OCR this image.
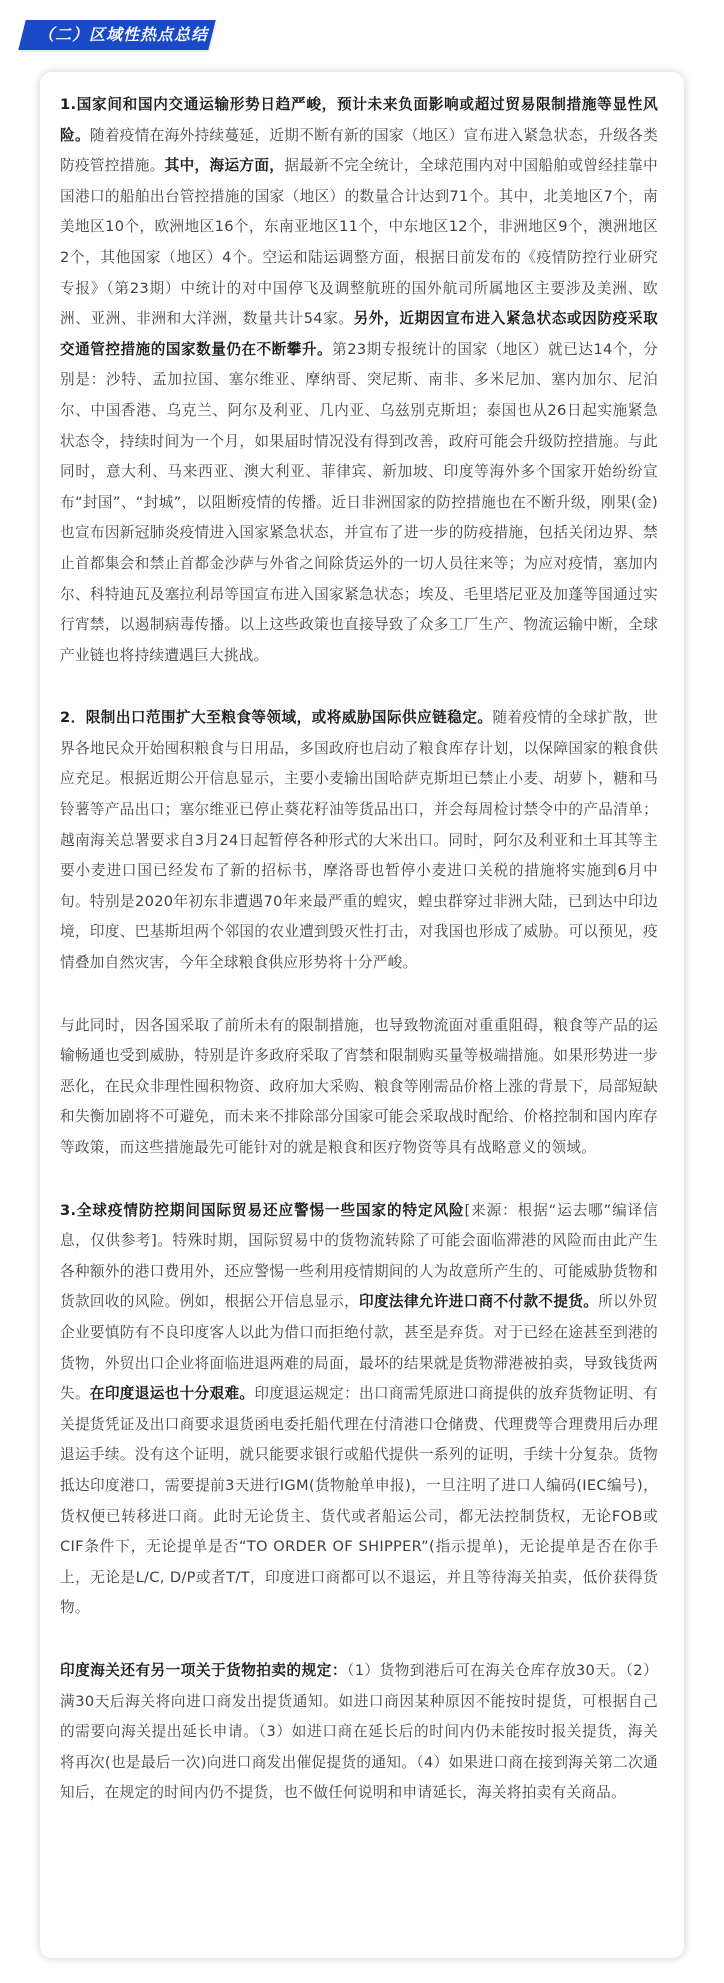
（二）区域性热点总结

1.国家间和国内交通运输形势日趋严峻，预计未来负面影响或超过贸易限制措施等显性风险。随着疫情在海外持续蔓延，近期不断有新的国家（地区）宣布进入紧急状态，升级各类防疫管控措施。其中，海运方面，据最新不完全统计，全球范围内对中国船舶或曾经挂靠中国港口的船舶出台管控措施的国家（地区）的数量合计达到71个。其中，北美地区7个，南美地区10个，欧洲地区16个，东南亚地区11个，中东地区12个，非洲地区9个，澳洲地区2个，其他国家（地区）4个。空运和陆运调整方面，根据日前发布的《疫情防控行业研究专报》（第23期）中统计的对中国停飞及调整航班的国外航司所属地区主要涉及美洲、欧洲、亚洲、非洲和大洋洲，数量共计54家。另外，近期因宣布进入紧急状态或因防疫采取交通管控措施的国家数量仍在不断攀升。第23期专报统计的国家（地区）就已达14个，分别是：沙特、孟加拉国、塞尔维亚、摩纳哥、突尼斯、南非、多米尼加、塞内加尔、尼泊尔、中国香港、乌克兰、阿尔及利亚、几内亚、乌兹别克斯坦；泰国也从26日起实施紧急状态令，持续时间为一个月，如果届时情况没有得到改善，政府可能会升级防控措施。与此同时，意大利、马来西亚、澳大利亚、菲律宾、新加坡、印度等海外多个国家开始纷纷宣布“封国”、“封城”，以阻断疫情的传播。近日非洲国家的防控措施也在不断升级，刚果(金)也宣布因新冠肺炎疫情进入国家紧急状态，并宣布了进一步的防疫措施，包括关闭边界、禁止首都集会和禁止首都金沙萨与外省之间除货运外的一切人员往来等；为应对疫情，塞加内尔、科特迪瓦及塞拉利昂等国宣布进入国家紧急状态；埃及、毛里塔尼亚及加蓬等国通过实行宵禁，以遏制病毒传播。以上这些政策也直接导致了众多工厂生产、物流运输中断，全球产业链也将持续遭遇巨大挑战。

2．限制出口范围扩大至粮食等领域，或将威胁国际供应链稳定。随着疫情的全球扩散，世界各地民众开始囤积粮食与日用品，多国政府也启动了粮食库存计划，以保障国家的粮食供应充足。根据近期公开信息显示，主要小麦输出国哈萨克斯坦已禁止小麦、胡萝卜，糖和马铃薯等产品出口；塞尔维亚已停止葵花籽油等货品出口，并会每周检讨禁令中的产品清单；越南海关总署要求自3月24日起暂停各种形式的大米出口。同时，阿尔及利亚和土耳其等主要小麦进口国已经发布了新的招标书，摩洛哥也暂停小麦进口关税的措施将实施到6月中旬。特别是2020年初东非遭遇70年来最严重的蝗灾，蝗虫群穿过非洲大陆，已到达中印边境，印度、巴基斯坦两个邻国的农业遭到毁灭性打击，对我国也形成了威胁。可以预见，疫情叠加自然灾害，今年全球粮食供应形势将十分严峻。

与此同时，因各国采取了前所未有的限制措施，也导致物流面对重重阻碍，粮食等产品的运输畅通也受到威胁，特别是许多政府采取了宵禁和限制购买量等极端措施。如果形势进一步恶化，在民众非理性囤积物资、政府加大采购、粮食等刚需品价格上涨的背景下，局部短缺和失衡加剧将不可避免，而未来不排除部分国家可能会采取战时配给、价格控制和国内库存等政策，而这些措施最先可能针对的就是粮食和医疗物资等具有战略意义的领域。

3.全球疫情防控期间国际贸易还应警惕一些国家的特定风险[来源：根据“运去哪”编译信息，仅供参考]。特殊时期，国际贸易中的货物流转除了可能会面临滞港的风险而由此产生各种额外的港口费用外，还应警惕一些利用疫情期间的人为故意所产生的、可能威胁货物和货款回收的风险。例如，根据公开信息显示，印度法律允许进口商不付款不提货。所以外贸企业要慎防有不良印度客人以此为借口而拒绝付款，甚至是弃货。对于已经在途甚至到港的货物，外贸出口企业将面临进退两难的局面，最坏的结果就是货物滞港被拍卖，导致钱货两失。在印度退运也十分艰难。印度退运规定：出口商需凭原进口商提供的放弃货物证明、有关提货凭证及出口商要求退货函电委托船代理在付清港口仓储费、代理费等合理费用后办理退运手续。没有这个证明，就只能要求银行或船代提供一系列的证明，手续十分复杂。货物抵达印度港口，需要提前3天进行IGM(货物舱单申报)，一旦注明了进口人编码(IEC编号)，货权便已转移进口商。此时无论货主、货代或者船运公司，都无法控制货权，无论FOB或CIF条件下，无论提单是否“TO ORDER OF SHIPPER”(指示提单)，无论提单是否在你手上，无论是L/C, D/P或者T/T，印度进口商都可以不退运，并且等待海关拍卖，低价获得货物。

印度海关还有另一项关于货物拍卖的规定：（1）货物到港后可在海关仓库存放30天。（2）满30天后海关将向进口商发出提货通知。如进口商因某种原因不能按时提货，可根据自己的需要向海关提出延长申请。（3）如进口商在延长后的时间内仍未能按时报关提货，海关将再次(也是最后一次)向进口商发出催促提货的通知。（4）如果进口商在接到海关第二次通知后，在规定的时间内仍不提货，也不做任何说明和申请延长，海关将拍卖有关商品。
